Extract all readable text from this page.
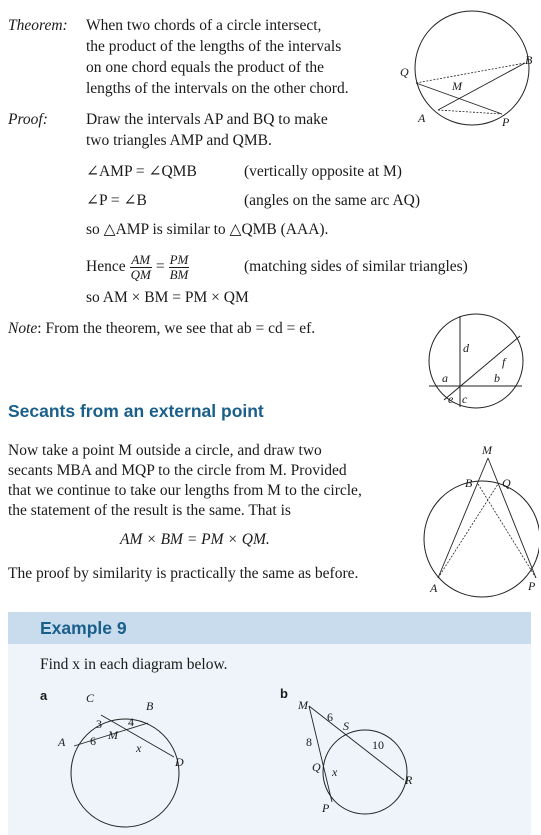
Theorem: When two chords of a circle intersect,
the product of the lengths of the intervals
on one chord equals the product of the
lengths of the intervals on the other chord.
Proof: Draw the intervals AP and BQ to make
two triangles AMP and QMB.
∠AMP = ∠QMB	(vertically opposite at M)
∠P = ∠B	(angles on the same arc AQ)
so △AMP is similar to △QMB (AAA).
Hence $\frac{AM}{QM} = \frac{PM}{BM}$	(matching sides of similar triangles)
so AM × BM = PM × QM
Note: From the theorem, we see that ab = cd = ef.
Secants from an external point
Now take a point M outside a circle, and draw two
secants MBA and MQP to the circle from M. Provided
that we continue to take our lengths from M to the circle,
the statement of the result is the same. That is
AM × BM = PM × QM.
The proof by similarity is practically the same as before.
B
Q
M
A	P
d
f
a	b
e c
M
B Q
A	P
Example 9
Find x in each diagram below.
a	b
C
B
A	M
D
3 4
6	x
M
S
6
8	10
Q x
R
P
